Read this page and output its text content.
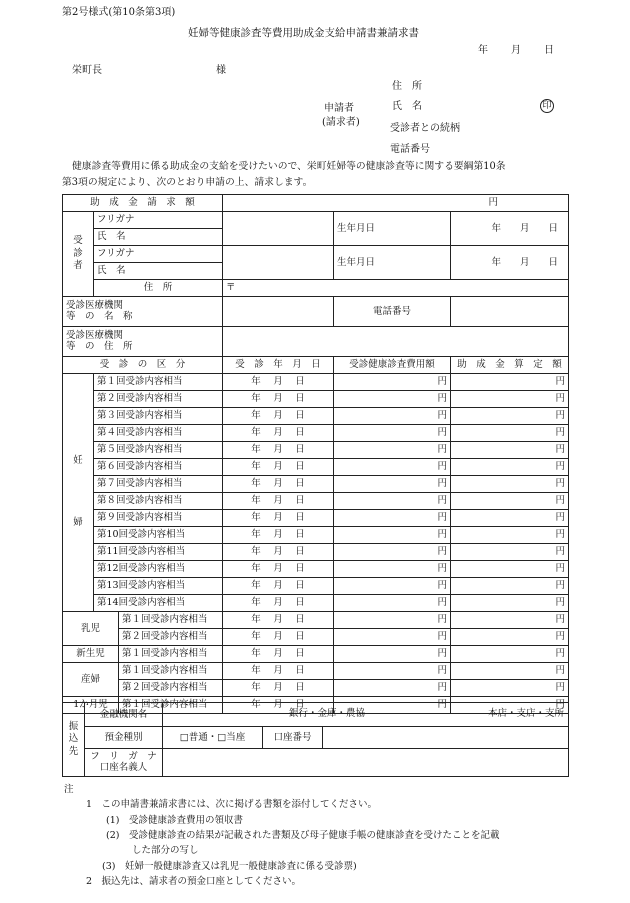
第2号様式(第10条第3項)
妊婦等健康診査等費用助成金支給申請書兼請求書
年 月 日
栄町長	様
住　所
申請者
(請求者)
氏　名	印
受診者との続柄
電話番号
健康診査等費用に係る助成金の支給を受けたいので、栄町妊婦等の健康診査等に関する要綱第10条
第3項の規定により、次のとおり申請の上、請求します。
助　成　金　請　求　額			円		
受
診
者	フリガナ			生年月日	年   月   日
	氏　名				
	フリガナ			生年月日	年   月   日
	氏　名				
	住　所		〒		
受診医療機関
等　の　名　称				電話番号	
受診医療機関
等　の　住　所					
受　診　の　区　分			受　診　年　月　日	受診健康診査費用額	助　成　金　算　定　額
妊

婦	第１回受診内容相当		年  月  日	円	円
	第２回受診内容相当		年  月  日	円	円
	第３回受診内容相当		年  月  日	円	円
	第４回受診内容相当		年  月  日	円	円
	第５回受診内容相当		年  月  日	円	円
	第６回受診内容相当		年  月  日	円	円
	第７回受診内容相当		年  月  日	円	円
	第８回受診内容相当		年  月  日	円	円
	第９回受診内容相当		年  月  日	円	円
	第10回受診内容相当		年  月  日	円	円
	第11回受診内容相当		年  月  日	円	円
	第12回受診内容相当		年  月  日	円	円
	第13回受診内容相当		年  月  日	円	円
	第14回受診内容相当		年  月  日	円	円
乳児		第１回受診内容相当	年  月  日	円	円
		第２回受診内容相当	年  月  日	円	円
新生児		第１回受診内容相当	年  月  日	円	円
産婦		第１回受診内容相当	年  月  日	円	円
		第２回受診内容相当	年  月  日	円	円
1か月児		第１回受診内容相当	年  月  日	円	円
振
込
先	金融機関名	銀行・金庫・農協 本店・支店・支所		

	預金種別	□普通・□当座	口座番号	
	フ　リ　ガ　ナ
口座名義人			
注
1　この申請書兼請求書には、次に掲げる書類を添付してください。
(1)　受診健康診査費用の領収書
(2)　受診健康診査の結果が記載された書類及び母子健康手帳の健康診査を受けたことを記載
した部分の写し
(3)　妊婦一般健康診査又は乳児一般健康診査に係る受診票)
2　振込先は、請求者の預金口座としてください。
